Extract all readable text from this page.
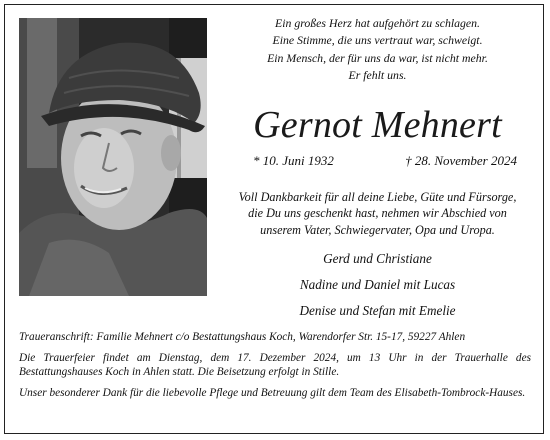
Ein großes Herz hat aufgehört zu schlagen.
Eine Stimme, die uns vertraut war, schweigt.
Ein Mensch, der für uns da war, ist nicht mehr.
Er fehlt uns.
Gernot Mehnert
* 10. Juni 1932	† 28. November 2024
Voll Dankbarkeit für all deine Liebe, Güte und Fürsorge,
die Du uns geschenkt hast, nehmen wir Abschied von
unserem Vater, Schwiegervater, Opa und Uropa.
Gerd und Christiane
Nadine und Daniel mit Lucas
Denise und Stefan mit Emelie

Traueranschrift: Familie Mehnert c/o Bestattungshaus Koch, Warendorfer Str. 15-17, 59227 Ahlen

Die Trauerfeier findet am Dienstag, dem 17. Dezember 2024, um 13 Uhr in der Trauerhalle des Bestattungshauses Koch in Ahlen statt. Die Beisetzung erfolgt in Stille.

Unser besonderer Dank für die liebevolle Pflege und Betreuung gilt dem Team des Elisabeth-Tombrock-Hauses.
